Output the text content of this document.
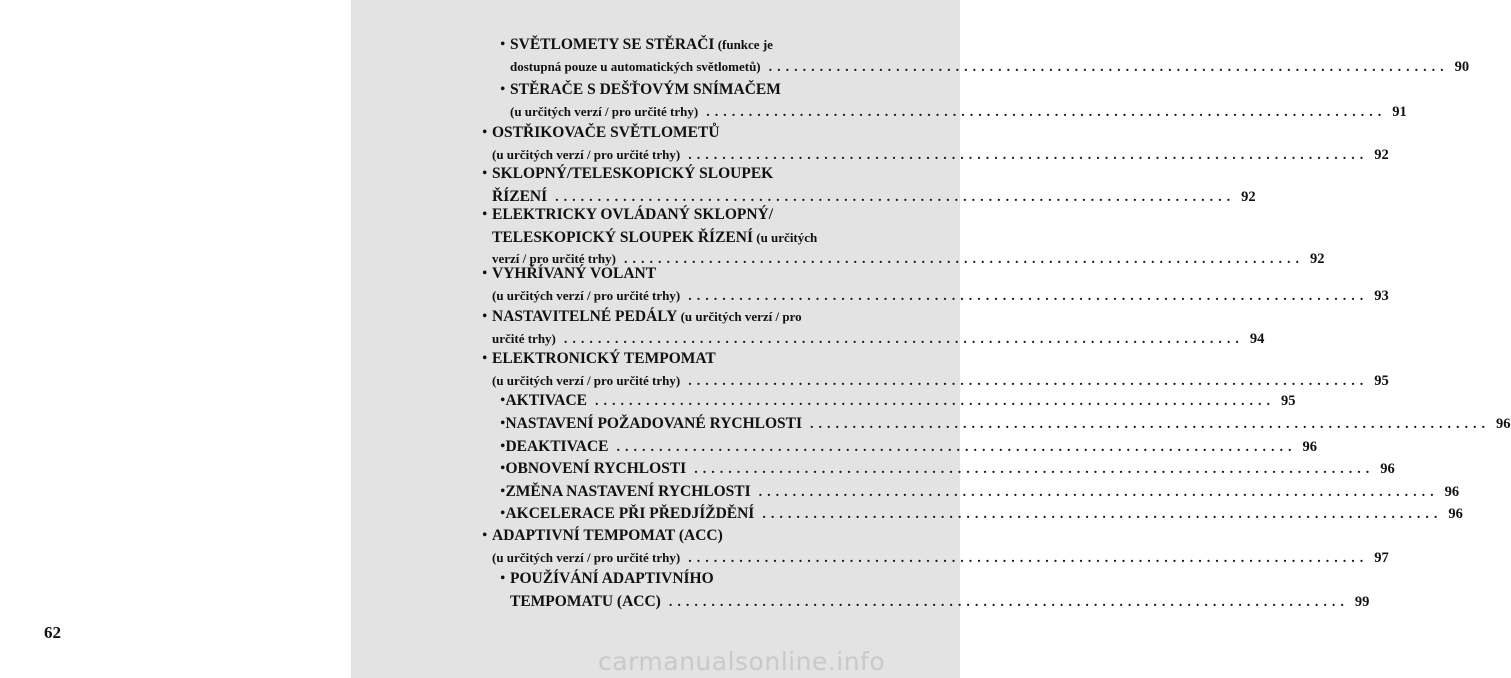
62
• SVĚTLOMETY SE STĚRAČI (funkce je
dostupná pouze u automatických světlometů) ................................................................................ 90
• STĚRAČE S DEŠŤOVÝM SNÍMAČEM
(u určitých verzí / pro určité trhy) ................................................................................ 91
• OSTŘIKOVAČE SVĚTLOMETŮ
(u určitých verzí / pro určité trhy) ................................................................................ 92
• SKLOPNÝ/TELESKOPICKÝ SLOUPEK
ŘÍZENÍ ................................................................................ 92
• ELEKTRICKY OVLÁDANÝ SKLOPNÝ/
TELESKOPICKÝ SLOUPEK ŘÍZENÍ (u určitých
verzí / pro určité trhy) ................................................................................ 92
• VYHŘÍVANÝ VOLANT
(u určitých verzí / pro určité trhy) ................................................................................ 93
• NASTAVITELNÉ PEDÁLY (u určitých verzí / pro
určité trhy) ................................................................................ 94
• ELEKTRONICKÝ TEMPOMAT
(u určitých verzí / pro určité trhy) ................................................................................ 95
• AKTIVACE ................................................................................ 95
• NASTAVENÍ POŽADOVANÉ RYCHLOSTI ................................................................................ 96
• DEAKTIVACE ................................................................................ 96
• OBNOVENÍ RYCHLOSTI ................................................................................ 96
• ZMĚNA NASTAVENÍ RYCHLOSTI ................................................................................ 96
• AKCELERACE PŘI PŘEDJÍŽDĚNÍ ................................................................................ 96
• ADAPTIVNÍ TEMPOMAT (ACC)
(u určitých verzí / pro určité trhy) ................................................................................ 97
• POUŽÍVÁNÍ ADAPTIVNÍHO
TEMPOMATU (ACC) ................................................................................ 99
carmanualsonline.info
